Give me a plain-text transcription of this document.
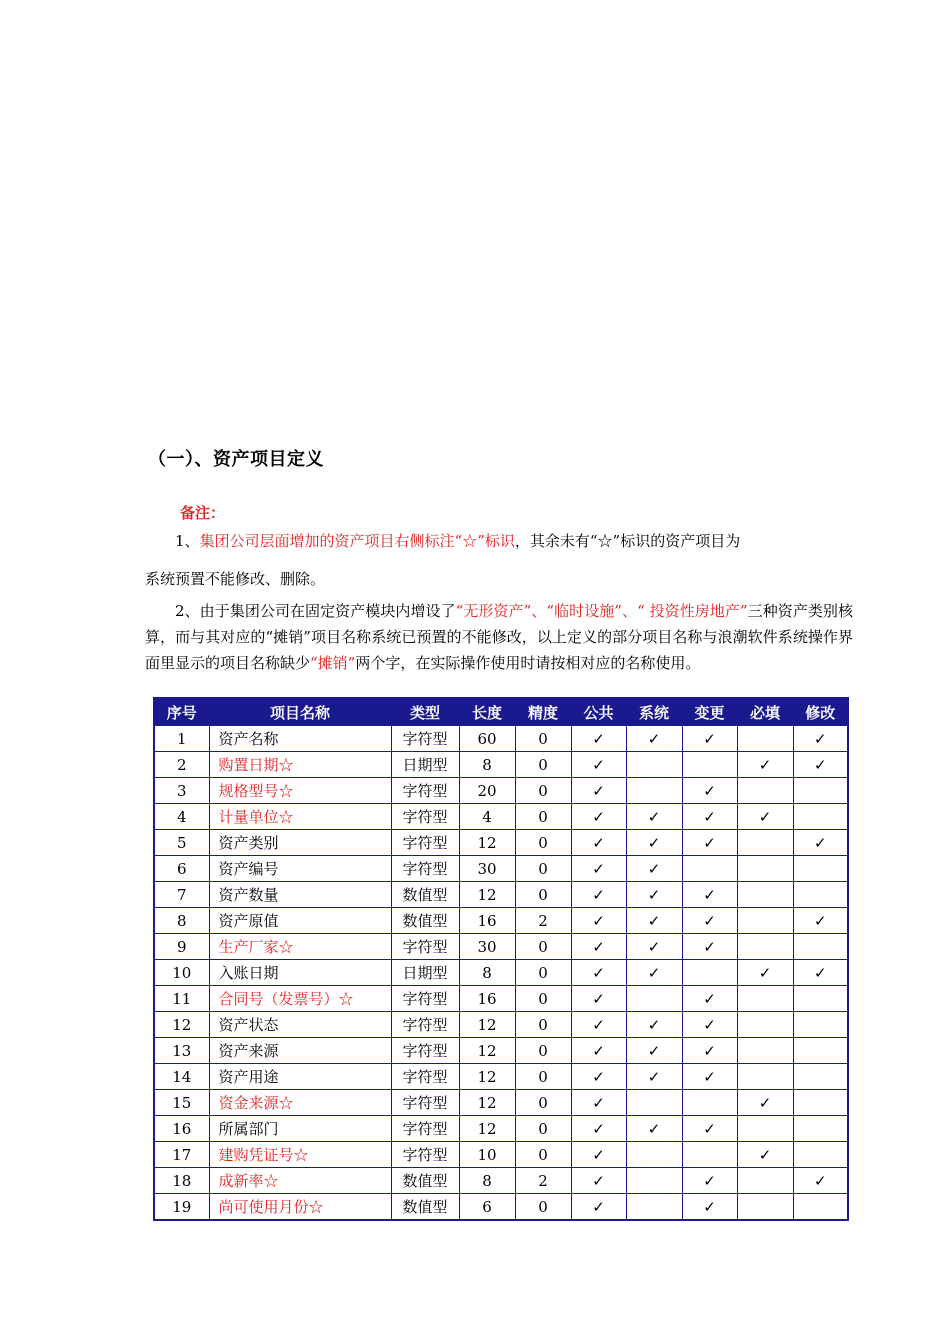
（一）、资产项目定义
备注：

1、集团公司层面增加的资产项目右侧标注“☆”标识，其余未有“☆”标识的资产项目为
系统预置不能修改、删除。

2、由于集团公司在固定资产模块内增设了“无形资产”、“临时设施”、“ 投资性房地产”三种资产类别核算，而与其对应的“摊销”项目名称系统已预置的不能修改，以上定义的部分项目名称与浪潮软件系统操作界面里显示的项目名称缺少“摊销”两个字，在实际操作使用时请按相对应的名称使用。

序号	项目名称	类型	长度	精度	公共	系统	变更	必填	修改
1	资产名称	字符型	60	0	✓	✓	✓		✓
2	购置日期☆	日期型	8	0	✓			✓	✓
3	规格型号☆	字符型	20	0	✓		✓		
4	计量单位☆	字符型	4	0	✓	✓	✓	✓	
5	资产类别	字符型	12	0	✓	✓	✓		✓
6	资产编号	字符型	30	0	✓	✓			
7	资产数量	数值型	12	0	✓	✓	✓		
8	资产原值	数值型	16	2	✓	✓	✓		✓
9	生产厂家☆	字符型	30	0	✓	✓	✓		
10	入账日期	日期型	8	0	✓	✓		✓	✓
11	合同号（发票号）☆	字符型	16	0	✓		✓		
12	资产状态	字符型	12	0	✓	✓	✓		
13	资产来源	字符型	12	0	✓	✓	✓		
14	资产用途	字符型	12	0	✓	✓	✓		
15	资金来源☆	字符型	12	0	✓			✓	
16	所属部门	字符型	12	0	✓	✓	✓		
17	建购凭证号☆	字符型	10	0	✓			✓	
18	成新率☆	数值型	8	2	✓		✓		✓
19	尚可使用月份☆	数值型	6	0	✓		✓		
